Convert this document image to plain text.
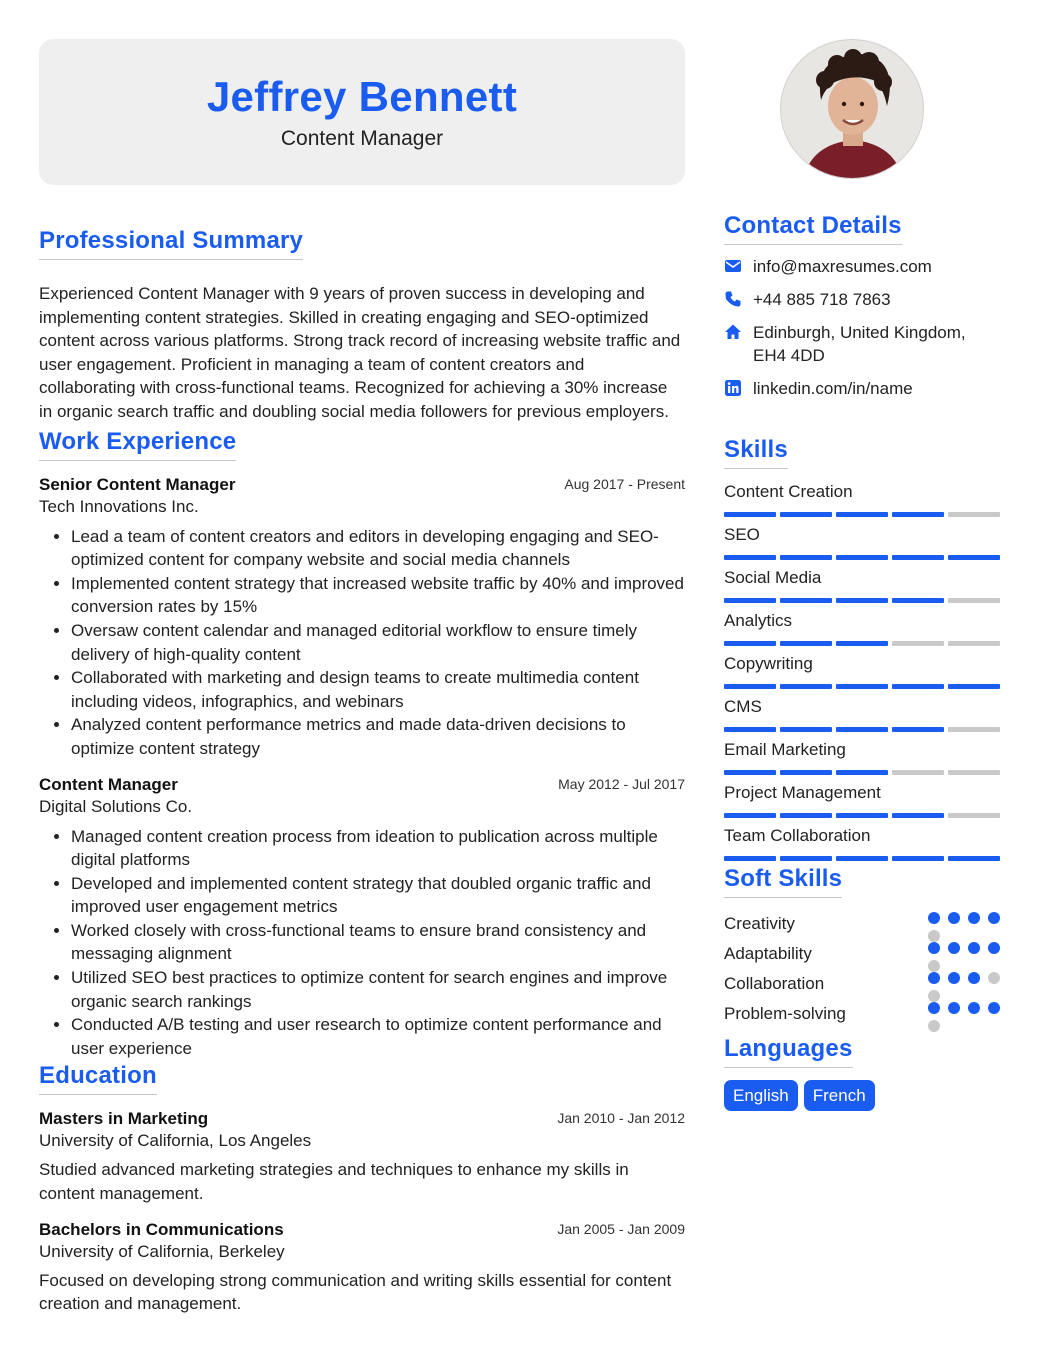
Jeffrey Bennett
Content Manager
Professional Summary

Experienced Content Manager with 9 years of proven success in developing and implementing content strategies. Skilled in creating engaging and SEO-optimized content across various platforms. Strong track record of increasing website traffic and user engagement. Proficient in managing a team of content creators and collaborating with cross-functional teams. Recognized for achieving a 30% increase in organic search traffic and doubling social media followers for previous employers.

Work Experience
Senior Content Manager	Aug 2017 - Present
Tech Innovations Inc.
• Lead a team of content creators and editors in developing engaging and SEO-optimized content for company website and social media channels
• Implemented content strategy that increased website traffic by 40% and improved conversion rates by 15%
• Oversaw content calendar and managed editorial workflow to ensure timely delivery of high-quality content
• Collaborated with marketing and design teams to create multimedia content including videos, infographics, and webinars
• Analyzed content performance metrics and made data-driven decisions to optimize content strategy
Content Manager	May 2012 - Jul 2017
Digital Solutions Co.
• Managed content creation process from ideation to publication across multiple digital platforms
• Developed and implemented content strategy that doubled organic traffic and improved user engagement metrics
• Worked closely with cross-functional teams to ensure brand consistency and messaging alignment
• Utilized SEO best practices to optimize content for search engines and improve organic search rankings
• Conducted A/B testing and user research to optimize content performance and user experience
Education
Masters in Marketing	Jan 2010 - Jan 2012
University of California, Los Angeles

Studied advanced marketing strategies and techniques to enhance my skills in content management.

Bachelors in Communications	Jan 2005 - Jan 2009
University of California, Berkeley

Focused on developing strong communication and writing skills essential for content creation and management.

Contact Details
info@maxresumes.com
+44 885 718 7863
Edinburgh, United Kingdom,
EH4 4DD
linkedin.com/in/name
Skills
Content Creation
SEO
Social Media
Analytics
Copywriting
CMS
Email Marketing
Project Management
Team Collaboration
Soft Skills
Creativity
Adaptability
Collaboration
Problem-solving
Languages
English	French
